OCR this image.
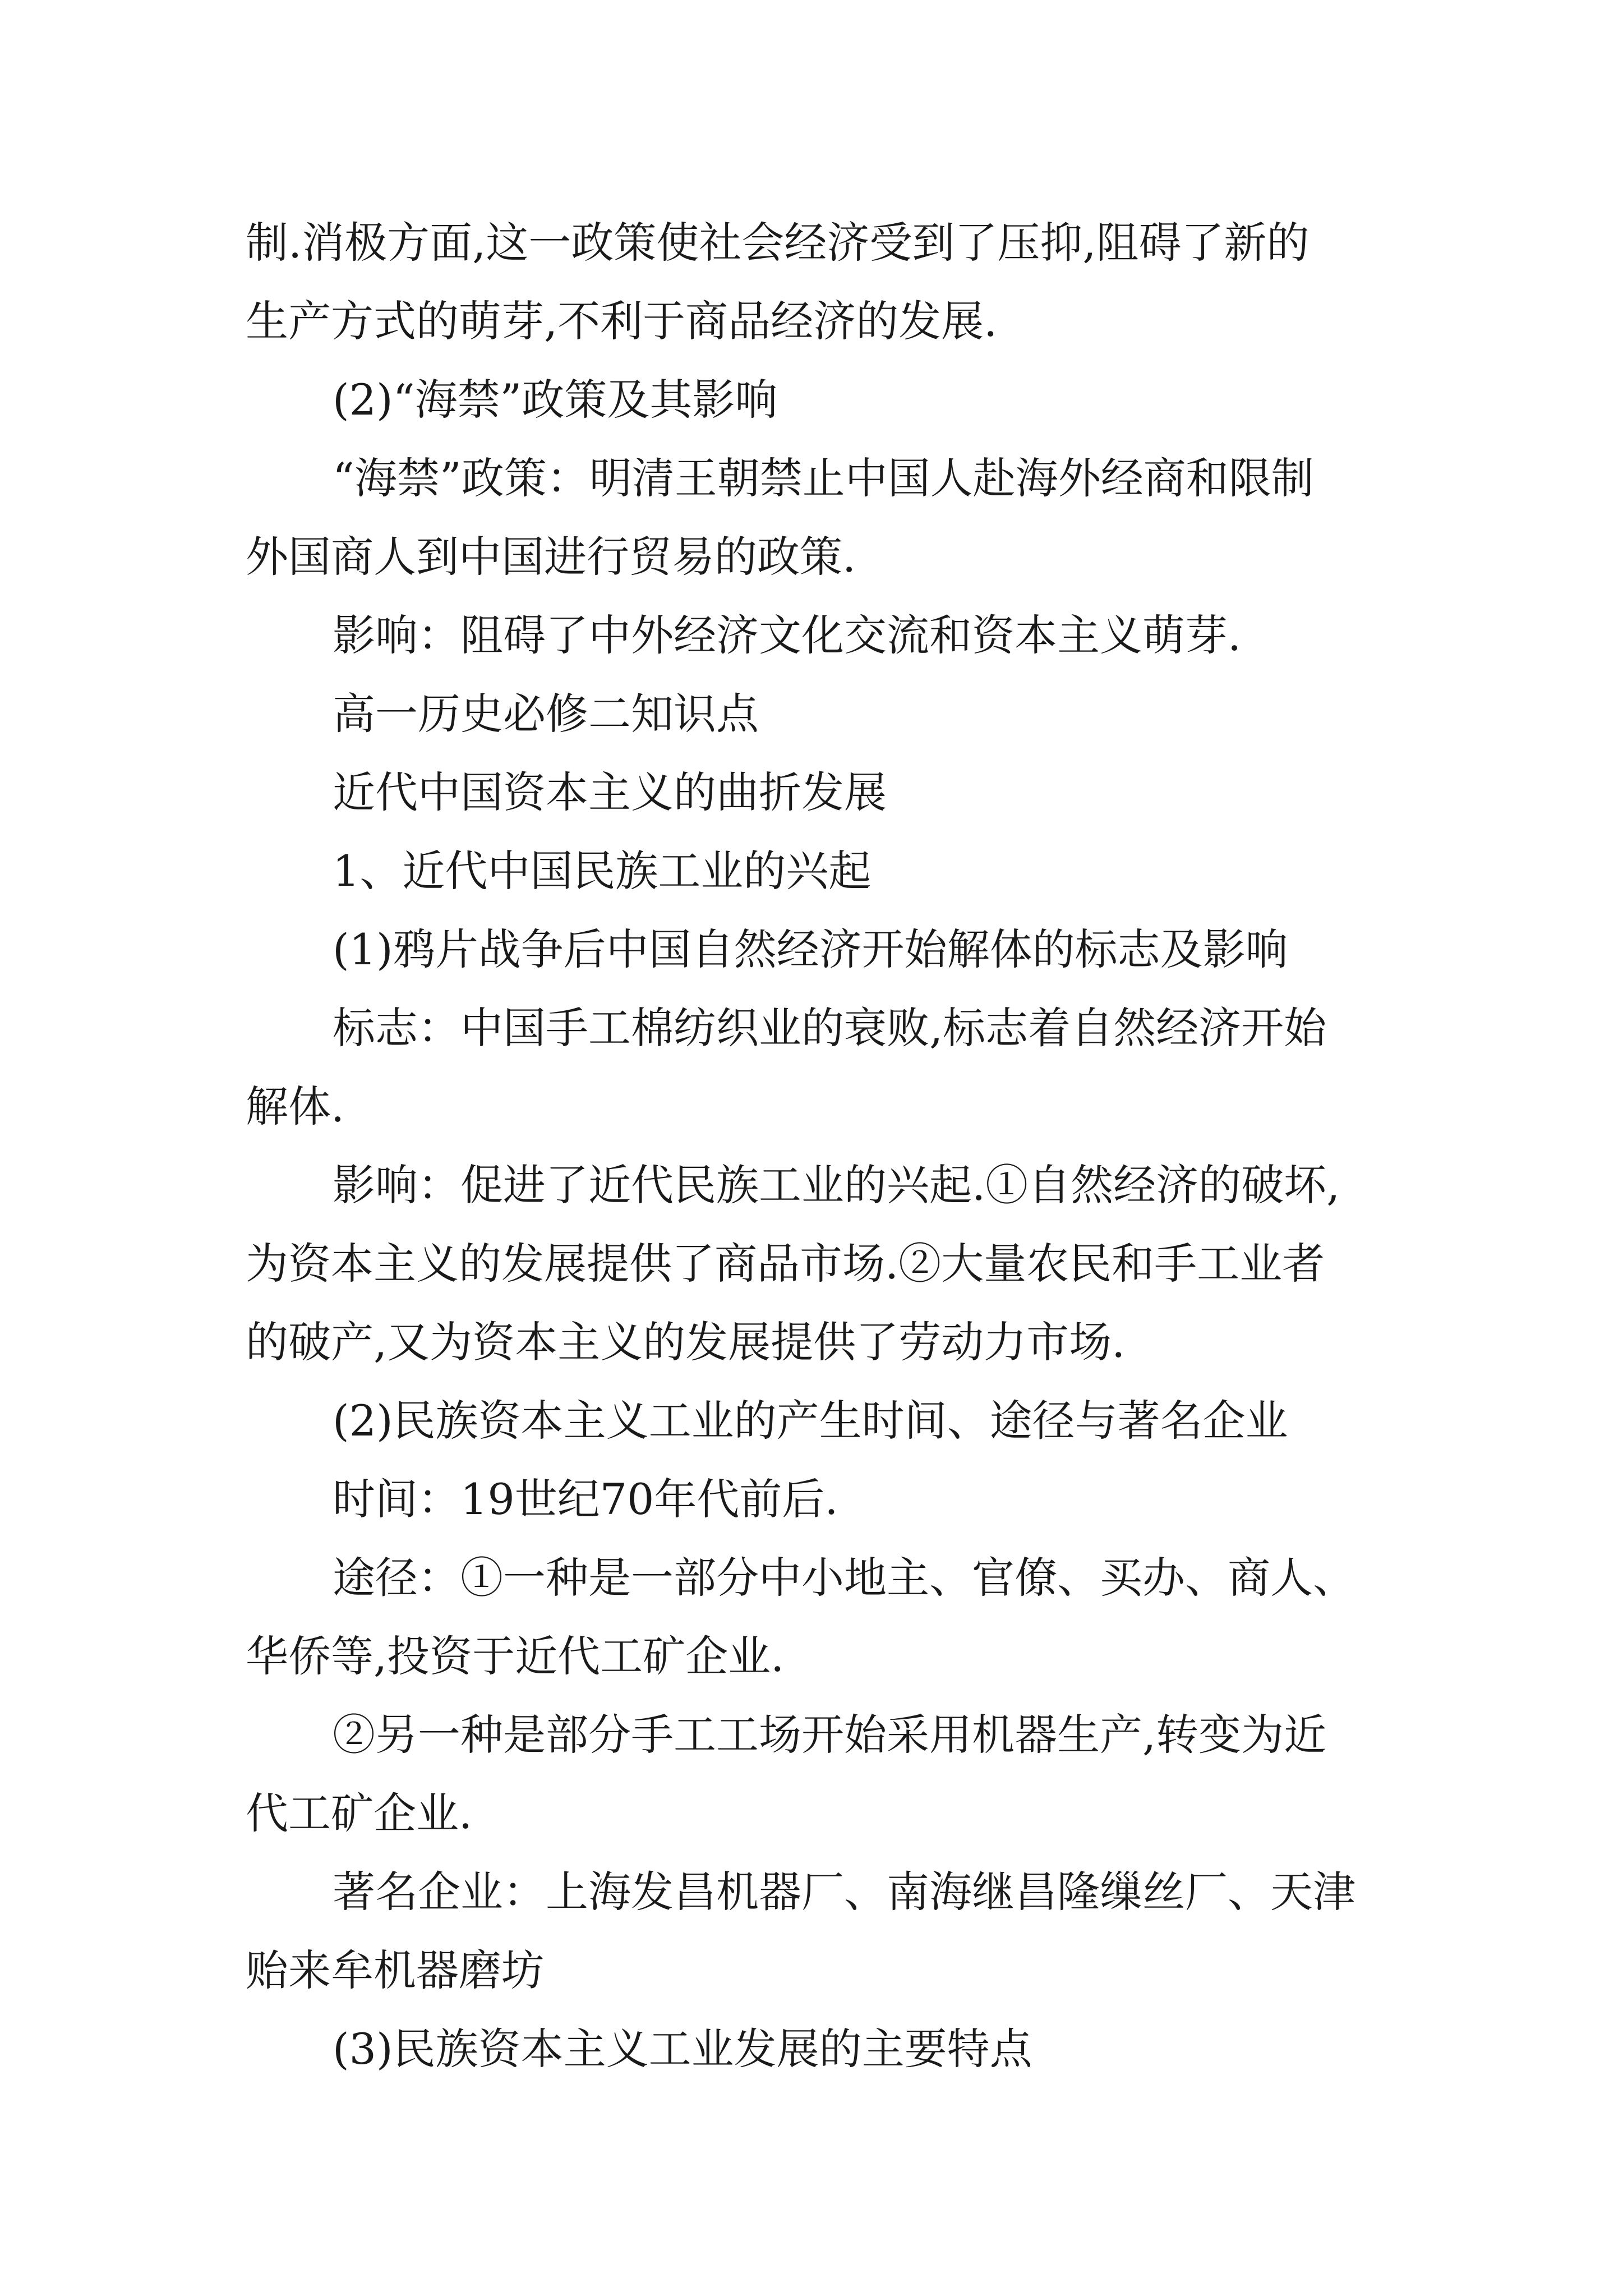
制.消极方面,这一政策使社会经济受到了压抑,阻碍了新的

生产方式的萌芽,不利于商品经济的发展.

(2)“海禁”政策及其影响

“海禁”政策：明清王朝禁止中国人赴海外经商和限制

外国商人到中国进行贸易的政策.

影响：阻碍了中外经济文化交流和资本主义萌芽.

高一历史必修二知识点

近代中国资本主义的曲折发展

1、近代中国民族工业的兴起

(1)鸦片战争后中国自然经济开始解体的标志及影响

标志：中国手工棉纺织业的衰败,标志着自然经济开始

解体.

影响：促进了近代民族工业的兴起.①自然经济的破坏,

为资本主义的发展提供了商品市场.②大量农民和手工业者

的破产,又为资本主义的发展提供了劳动力市场.

(2)民族资本主义工业的产生时间、途径与著名企业

时间：19世纪70年代前后.

途径：①一种是一部分中小地主、官僚、买办、商人、

华侨等,投资于近代工矿企业.

②另一种是部分手工工场开始采用机器生产,转变为近

代工矿企业.

著名企业：上海发昌机器厂、南海继昌隆缫丝厂、天津

贻来牟机器磨坊

(3)民族资本主义工业发展的主要特点
